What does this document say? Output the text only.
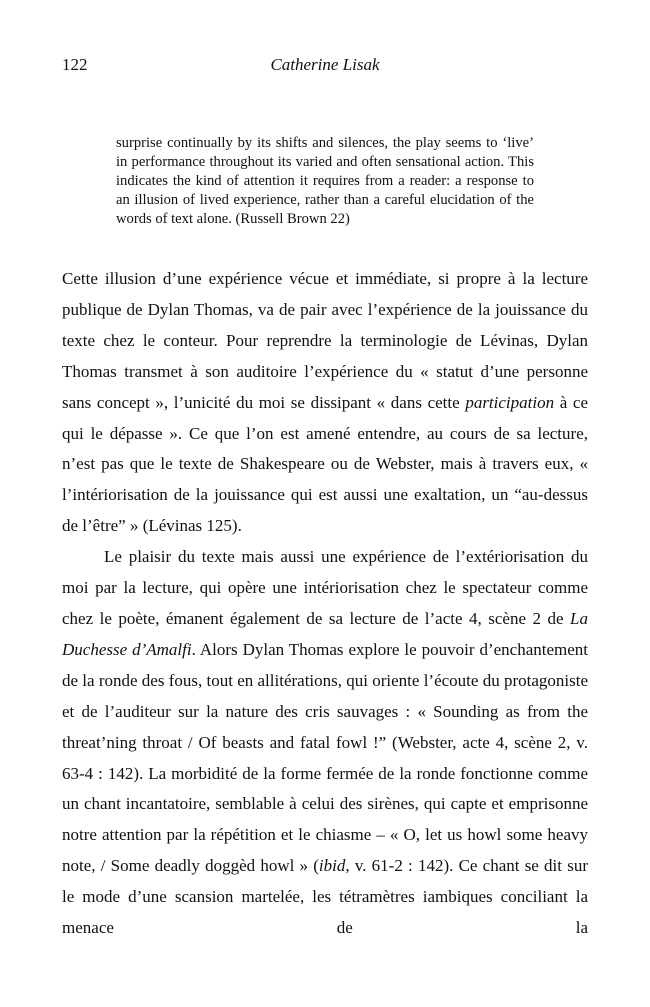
122	Catherine Lisak

surprise continually by its shifts and silences, the play seems to ‘live’ in performance throughout its varied and often sensational action. This indicates the kind of attention it requires from a reader: a response to an illusion of lived experience, rather than a careful elucidation of the words of text alone. (Russell Brown 22)

Cette illusion d’une expérience vécue et immédiate, si propre à la lecture publique de Dylan Thomas, va de pair avec l’expérience de la jouissance du texte chez le conteur. Pour reprendre la terminologie de Lévinas, Dylan Thomas transmet à son auditoire l’expérience du « statut d’une personne sans concept », l’unicité du moi se dissipant « dans cette participation à ce qui le dépasse ». Ce que l’on est amené entendre, au cours de sa lecture, n’est pas que le texte de Shakespeare ou de Webster, mais à travers eux, « l’intériorisation de la jouissance qui est aussi une exaltation, un “au-dessus de l’être” » (Lévinas 125).

Le plaisir du texte mais aussi une expérience de l’extériorisation du moi par la lecture, qui opère une intériorisation chez le spectateur comme chez le poète, émanent également de sa lecture de l’acte 4, scène 2 de La Duchesse d’Amalfi. Alors Dylan Thomas explore le pouvoir d’enchantement de la ronde des fous, tout en allitérations, qui oriente l’écoute du protagoniste et de l’auditeur sur la nature des cris sauvages : « Sounding as from the threat’ning throat / Of beasts and fatal fowl !” (Webster, acte 4, scène 2, v. 63-4 : 142). La morbidité de la forme fermée de la ronde fonctionne comme un chant incantatoire, semblable à celui des sirènes, qui capte et emprisonne notre attention par la répétition et le chiasme – « O, let us howl some heavy note, / Some deadly doggèd howl » (ibid, v. 61-2 : 142). Ce chant se dit sur le mode d’une scansion martelée, les tétramètres iambiques conciliant la menace de la
